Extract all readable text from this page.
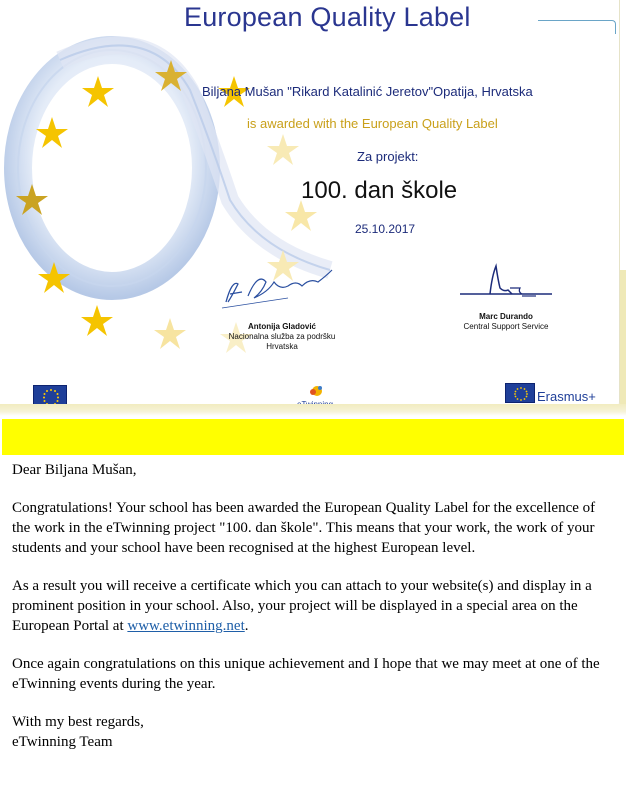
European Quality Label
Biljana Mušan "Rikard Katalinić Jeretov"Opatija, Hrvatska
is awarded with the European Quality Label
Za projekt:
100. dan škole
25.10.2017
Antonija Gladović
Nacionalna služba za podršku
Hrvatska
Marc Durando
Central Support Service
Erasmus+

Dear Biljana Mušan,

Congratulations! Your school has been awarded the European Quality Label for the excellence of the work in the eTwinning project "100. dan škole". This means that your work, the work of your students and your school have been recognised at the highest European level.

As a result you will receive a certificate which you can attach to your website(s) and display in a prominent position in your school. Also, your project will be displayed in a special area on the European Portal at www.etwinning.net.

Once again congratulations on this unique achievement and I hope that we may meet at one of the eTwinning events during the year.

With my best regards,
eTwinning Team
